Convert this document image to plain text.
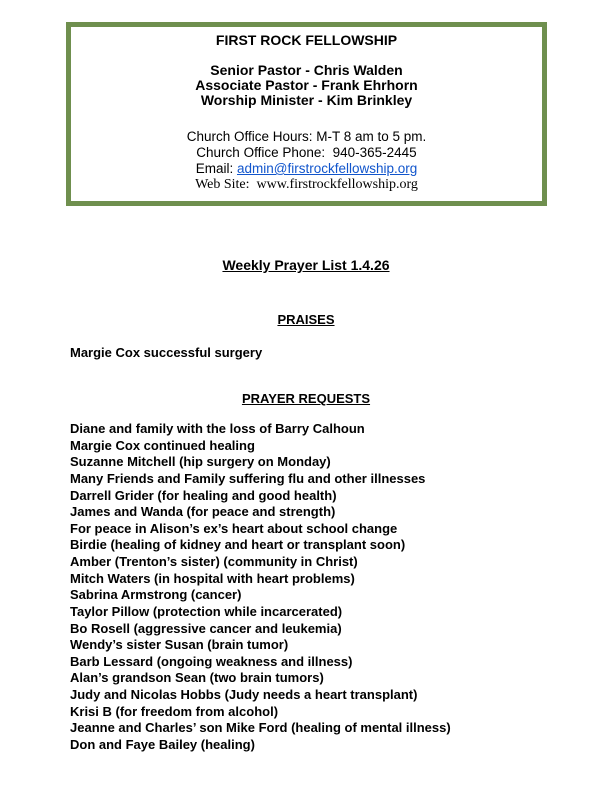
FIRST ROCK FELLOWSHIP
Senior Pastor - Chris Walden
Associate Pastor - Frank Ehrhorn
Worship Minister - Kim Brinkley
Church Office Hours: M-T 8 am to 5 pm.
Church Office Phone:  940-365-2445
Email: admin@firstrockfellowship.org
Web Site:  www.firstrockfellowship.org
Weekly Prayer List 1.4.26
PRAISES
Margie Cox successful surgery
PRAYER REQUESTS
Diane and family with the loss of Barry Calhoun
Margie Cox continued healing
Suzanne Mitchell (hip surgery on Monday)
Many Friends and Family suffering flu and other illnesses
Darrell Grider (for healing and good health)
James and Wanda (for peace and strength)
For peace in Alison’s ex’s heart about school change
Birdie (healing of kidney and heart or transplant soon)
Amber (Trenton’s sister) (community in Christ)
Mitch Waters (in hospital with heart problems)
Sabrina Armstrong (cancer)
Taylor Pillow (protection while incarcerated)
Bo Rosell (aggressive cancer and leukemia)
Wendy’s sister Susan (brain tumor)
Barb Lessard (ongoing weakness and illness)
Alan’s grandson Sean (two brain tumors)
Judy and Nicolas Hobbs (Judy needs a heart transplant)
Krisi B (for freedom from alcohol)
Jeanne and Charles’ son Mike Ford (healing of mental illness)
Don and Faye Bailey (healing)
